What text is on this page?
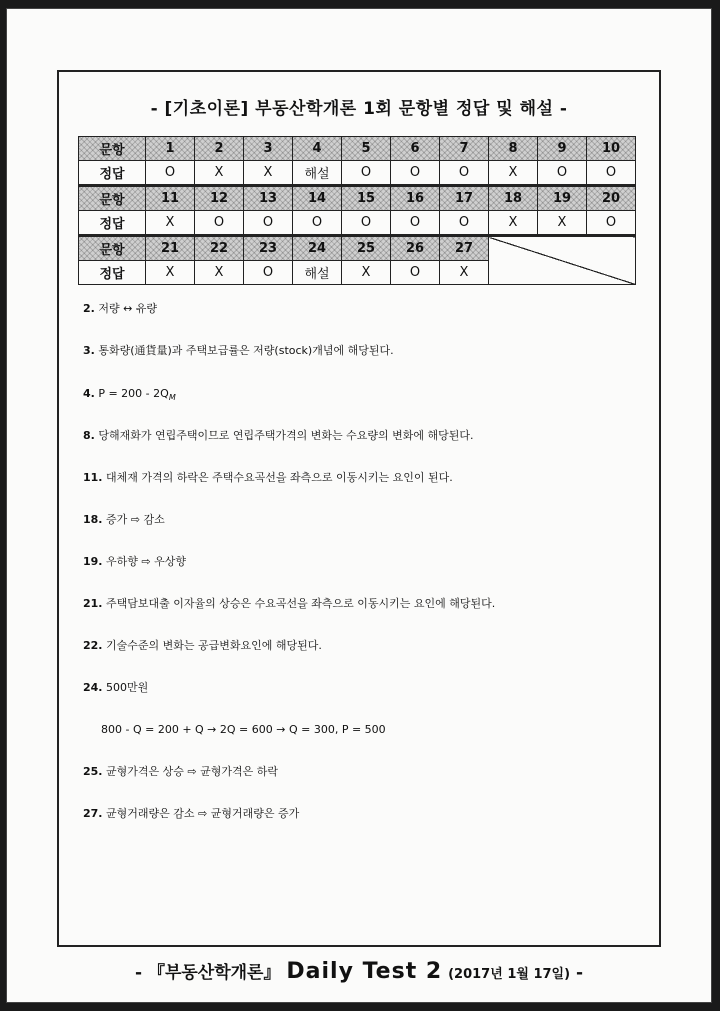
- [기초이론] 부동산학개론 1회 문항별 정답 및 해설 -
문항	1	2	3	4	5	6	7	8	9	10
정답	O	X	X	해설	O	O	O	X	O	O
문항	11	12	13	14	15	16	17	18	19	20
정답	X	O	O	O	O	O	O	X	X	O
문항	21	22	23	24	25	26	27			
정답	X	X	O	해설	X	O	X			
2. 저량 ↔ 유량
3. 통화량(通貨量)과 주택보급률은 저량(stock)개념에 해당된다.
4. $P = 200 - 2Q_M$
8. 당해재화가 연립주택이므로 연립주택가격의 변화는 수요량의 변화에 해당된다.
11. 대체재 가격의 하락은 주택수요곡선을 좌측으로 이동시키는 요인이 된다.
18. 증가 ⇨ 감소
19. 우하향 ⇨ 우상향
21. 주택담보대출 이자율의 상승은 수요곡선을 좌측으로 이동시키는 요인에 해당된다.
22. 기술수준의 변화는 공급변화요인에 해당된다.
24. 500만원
800 - Q = 200 + Q → 2Q = 600 → Q = 300, P = 500
25. 균형가격은 상승 ⇨ 균형가격은 하락
27. 균형거래량은 감소 ⇨ 균형거래량은 증가
- 『부동산학개론』 Daily Test 2 (2017년 1월 17일) -
